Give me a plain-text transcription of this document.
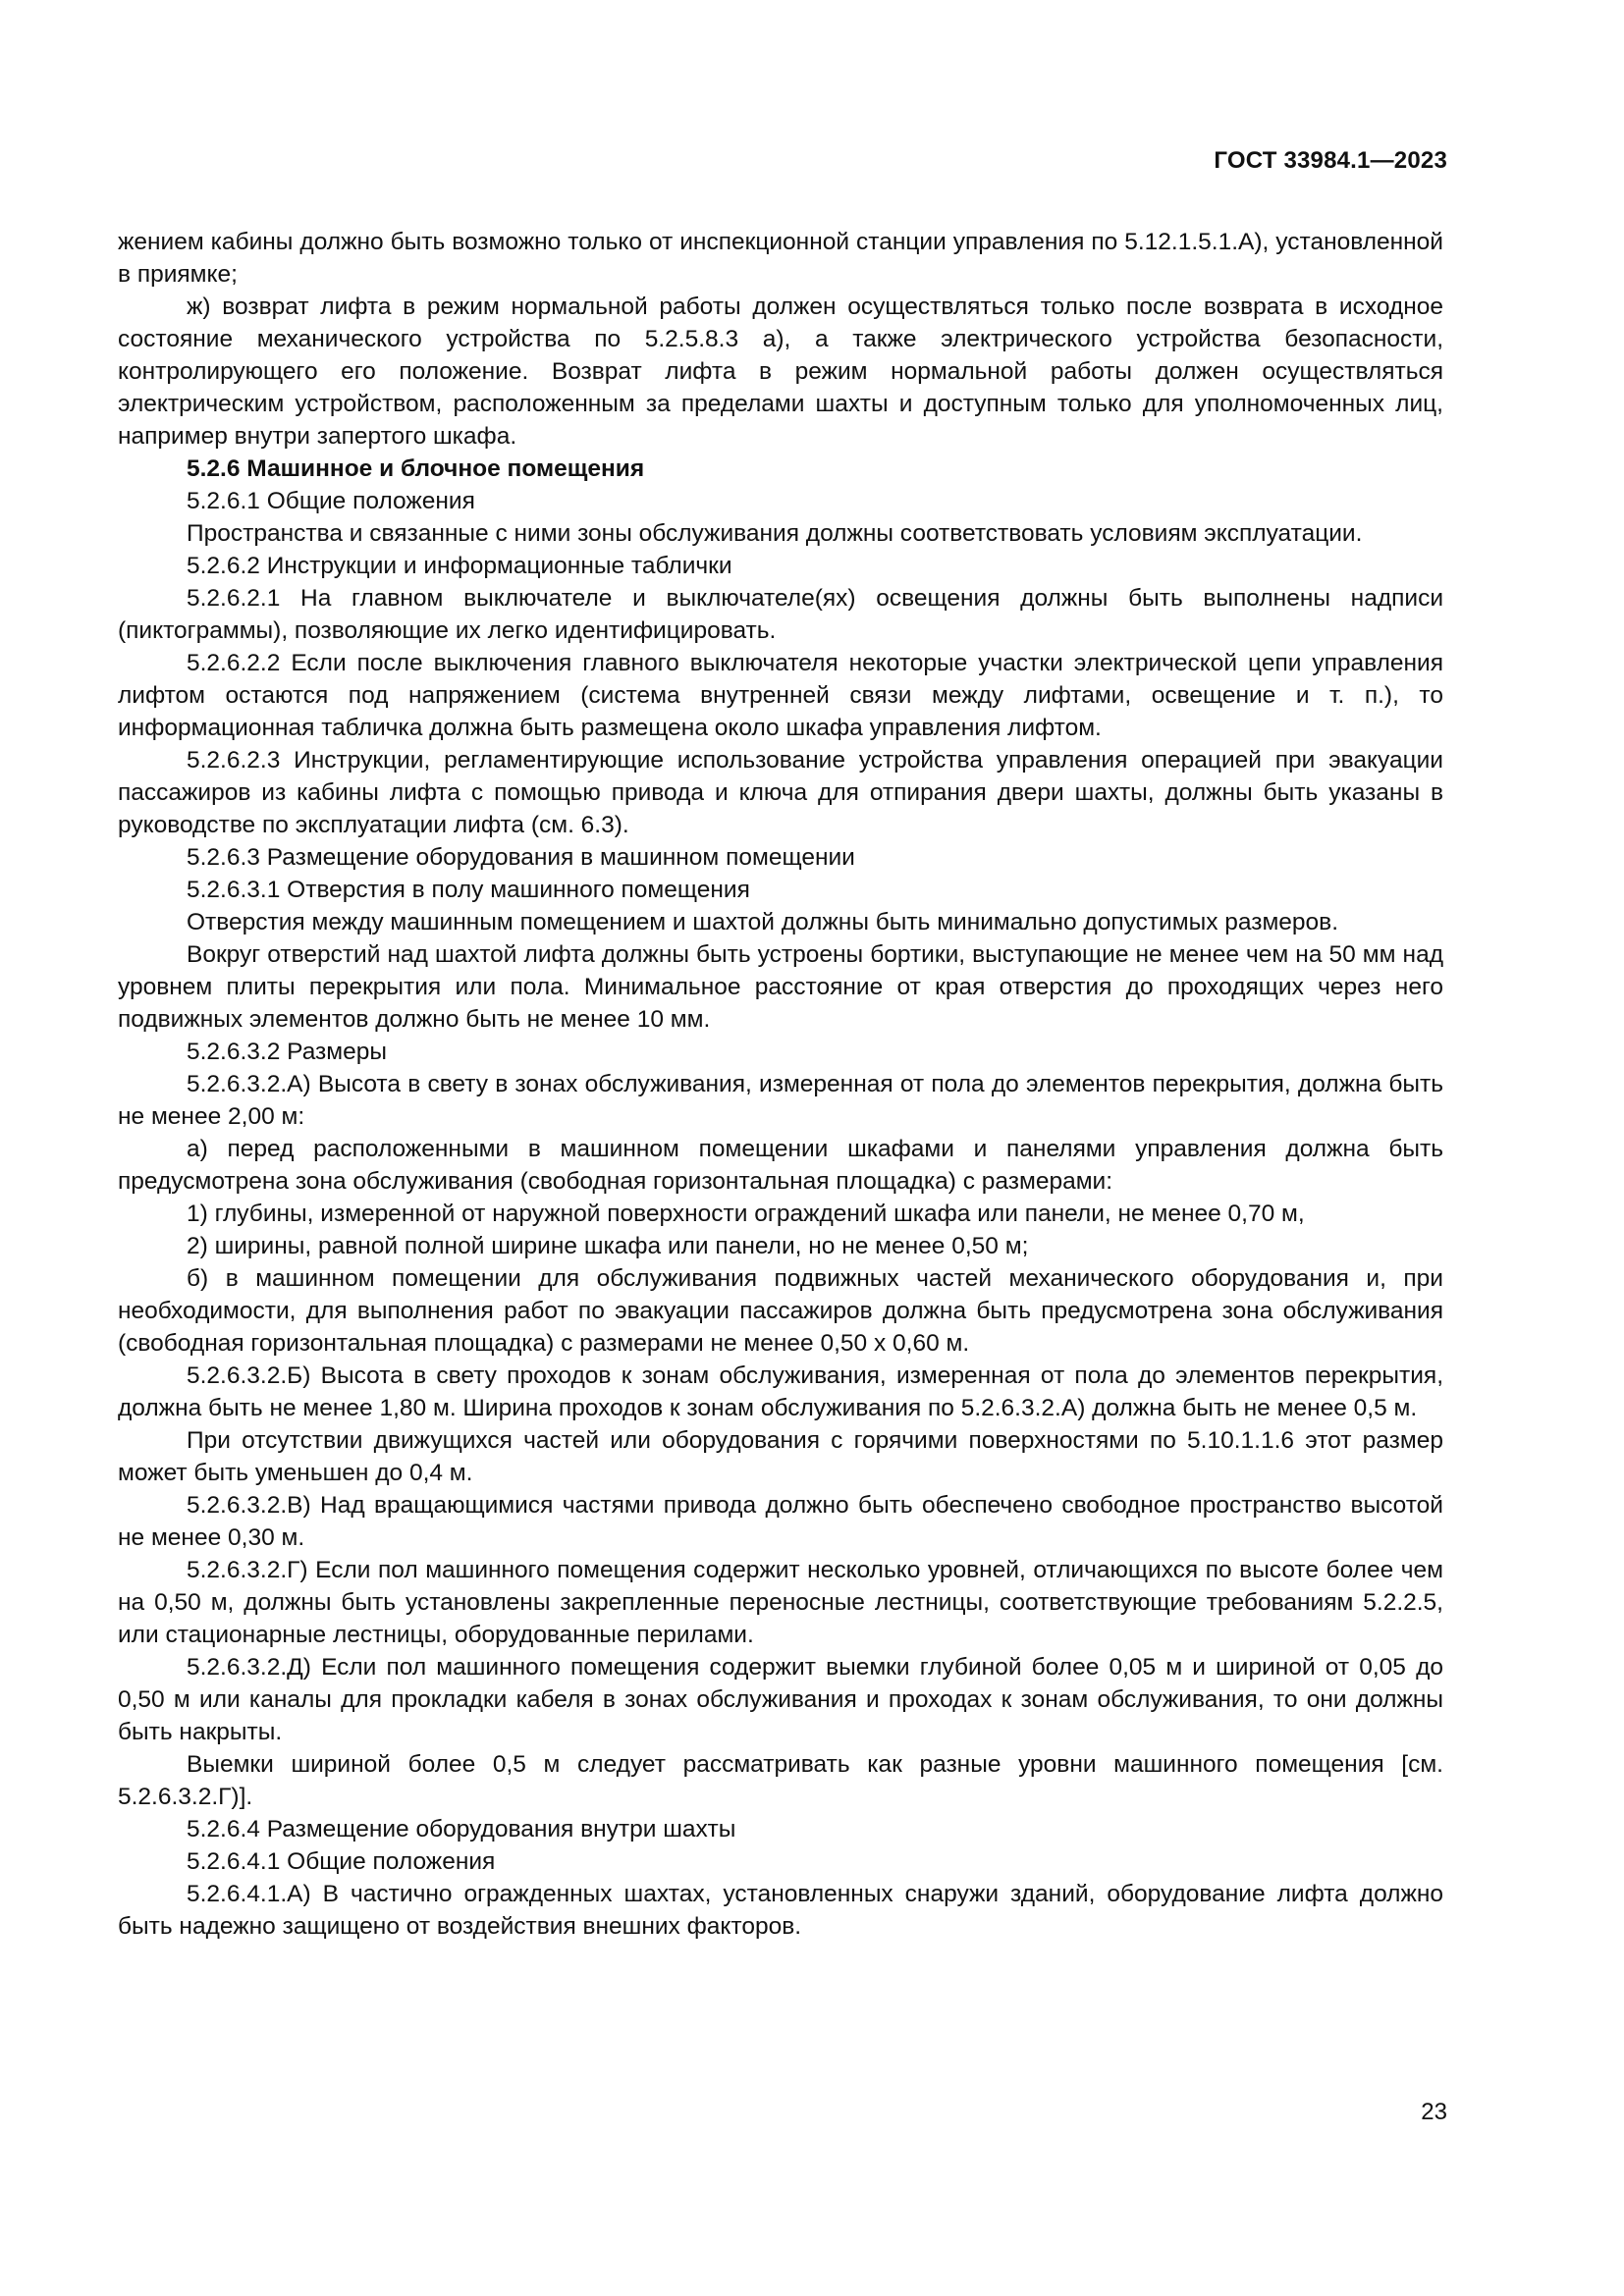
ГОСТ 33984.1—2023

жением кабины должно быть возможно только от инспекционной станции управления по 5.12.1.5.1.А), установленной в приямке;

ж) возврат лифта в режим нормальной работы должен осуществляться только после возврата в исходное состояние механического устройства по 5.2.5.8.3 а), а также электрического устройства безопасности, контролирующего его положение. Возврат лифта в режим нормальной работы должен осуществляться электрическим устройством, расположенным за пределами шахты и доступным только для уполномоченных лиц, например внутри запертого шкафа.

5.2.6 Машинное и блочное помещения

5.2.6.1 Общие положения

Пространства и связанные с ними зоны обслуживания должны соответствовать условиям эксплуатации.

5.2.6.2 Инструкции и информационные таблички

5.2.6.2.1 На главном выключателе и выключателе(ях) освещения должны быть выполнены надписи (пиктограммы), позволяющие их легко идентифицировать.

5.2.6.2.2 Если после выключения главного выключателя некоторые участки электрической цепи управления лифтом остаются под напряжением (система внутренней связи между лифтами, освещение и т. п.), то информационная табличка должна быть размещена около шкафа управления лифтом.

5.2.6.2.3 Инструкции, регламентирующие использование устройства управления операцией при эвакуации пассажиров из кабины лифта с помощью привода и ключа для отпирания двери шахты, должны быть указаны в руководстве по эксплуатации лифта (см. 6.3).

5.2.6.3 Размещение оборудования в машинном помещении

5.2.6.3.1 Отверстия в полу машинного помещения

Отверстия между машинным помещением и шахтой должны быть минимально допустимых размеров.

Вокруг отверстий над шахтой лифта должны быть устроены бортики, выступающие не менее чем на 50 мм над уровнем плиты перекрытия или пола. Минимальное расстояние от края отверстия до проходящих через него подвижных элементов должно быть не менее 10 мм.

5.2.6.3.2 Размеры

5.2.6.3.2.А) Высота в свету в зонах обслуживания, измеренная от пола до элементов перекрытия, должна быть не менее 2,00 м:

а) перед расположенными в машинном помещении шкафами и панелями управления должна быть предусмотрена зона обслуживания (свободная горизонтальная площадка) с размерами:

1) глубины, измеренной от наружной поверхности ограждений шкафа или панели, не менее 0,70 м,

2) ширины, равной полной ширине шкафа или панели, но не менее 0,50 м;

б) в машинном помещении для обслуживания подвижных частей механического оборудования и, при необходимости, для выполнения работ по эвакуации пассажиров должна быть предусмотрена зона обслуживания (свободная горизонтальная площадка) с размерами не менее 0,50 x 0,60 м.

5.2.6.3.2.Б) Высота в свету проходов к зонам обслуживания, измеренная от пола до элементов перекрытия, должна быть не менее 1,80 м. Ширина проходов к зонам обслуживания по 5.2.6.3.2.А) должна быть не менее 0,5 м.

При отсутствии движущихся частей или оборудования с горячими поверхностями по 5.10.1.1.6 этот размер может быть уменьшен до 0,4 м.

5.2.6.3.2.В) Над вращающимися частями привода должно быть обеспечено свободное пространство высотой не менее 0,30 м.

5.2.6.3.2.Г) Если пол машинного помещения содержит несколько уровней, отличающихся по высоте более чем на 0,50 м, должны быть установлены закрепленные переносные лестницы, соответствующие требованиям 5.2.2.5, или стационарные лестницы, оборудованные перилами.

5.2.6.3.2.Д) Если пол машинного помещения содержит выемки глубиной более 0,05 м и шириной от 0,05 до 0,50 м или каналы для прокладки кабеля в зонах обслуживания и проходах к зонам обслуживания, то они должны быть накрыты.

Выемки шириной более 0,5 м следует рассматривать как разные уровни машинного помещения [см. 5.2.6.3.2.Г)].

5.2.6.4 Размещение оборудования внутри шахты

5.2.6.4.1 Общие положения

5.2.6.4.1.А) В частично огражденных шахтах, установленных снаружи зданий, оборудование лифта должно быть надежно защищено от воздействия внешних факторов.

23
